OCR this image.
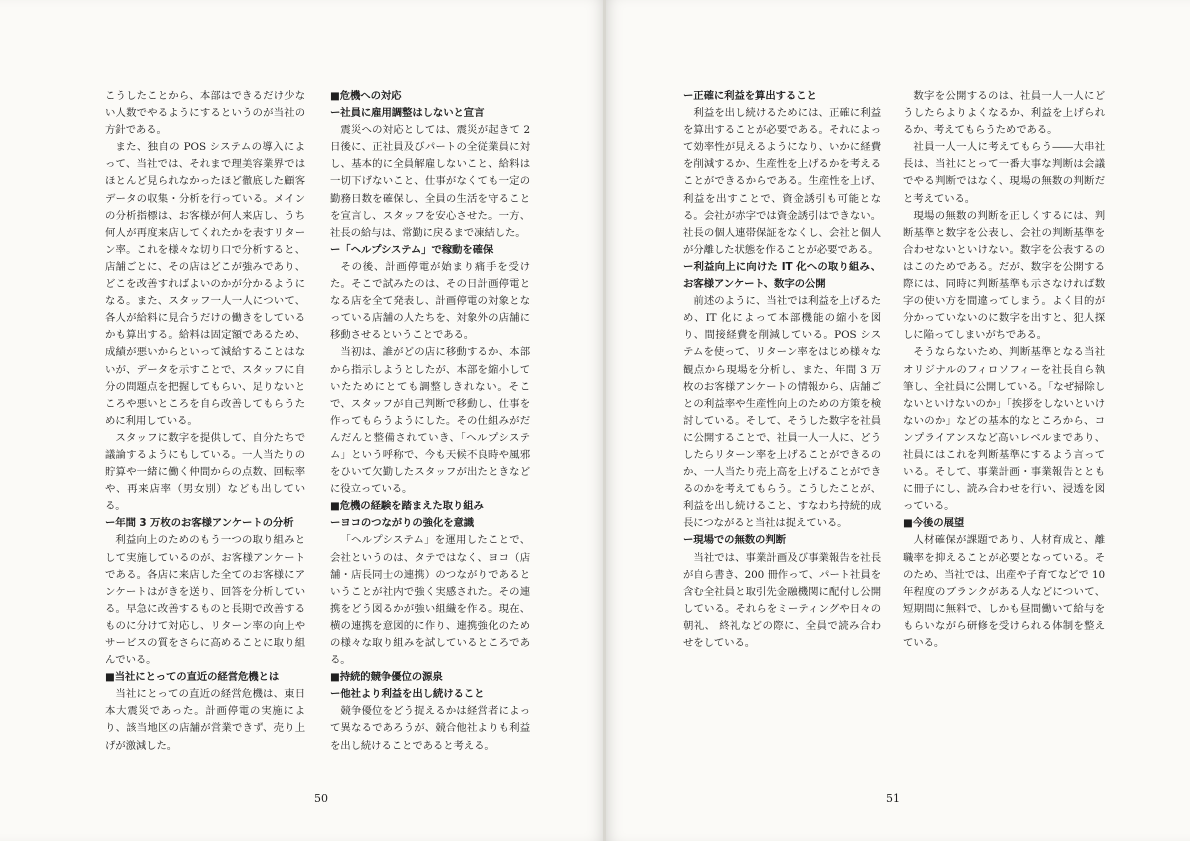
こうしたことから、本部はできるだけ少ない人数でやるようにするというのが当社の方針である。

また、独自の POS システムの導入によって、当社では、それまで理美容業界ではほとんど見られなかったほど徹底した顧客データの収集・分析を行っている。メインの分析指標は、お客様が何人来店し、うち何人が再度来店してくれたかを表すリターン率。これを様々な切り口で分析すると、店舗ごとに、その店はどこが強みであり、どこを改善すればよいのかが分かるようになる。また、スタッフ一人一人について、各人が給料に見合うだけの働きをしているかも算出する。給料は固定額であるため、成績が悪いからといって減給することはないが、データを示すことで、スタッフに自分の問題点を把握してもらい、足りないところや悪いところを自ら改善してもらうために利用している。

スタッフに数字を提供して、自分たちで議論するようにもしている。一人当たりの貯算や一緒に働く仲間からの点数、回転率や、再来店率（男女別）なども出している。

ー年間 3 万枚のお客様アンケートの分析

利益向上のためのもう一つの取り組みとして実施しているのが、お客様アンケートである。各店に来店した全てのお客様にアンケートはがきを送り、回答を分析している。早急に改善するものと長期で改善するものに分けて対応し、リターン率の向上やサービスの質をさらに高めることに取り組んでいる。

■当社にとっての直近の経営危機とは

当社にとっての直近の経営危機は、東日本大震災であった。計画停電の実施により、該当地区の店舗が営業できず、売り上げが激減した。

■危機への対応

ー社員に雇用調整はしないと宣言

震災への対応としては、震災が起きて 2 日後に、正社員及びパートの全従業員に対し、基本的に全員解雇しないこと、給料は一切下げないこと、仕事がなくても一定の勤務日数を確保し、全員の生活を守ることを宣言し、スタッフを安心させた。一方、社長の給与は、常勤に戻るまで凍結した。

ー「ヘルプシステム」で稼動を確保

その後、計画停電が始まり痛手を受けた。そこで試みたのは、その日計画停電となる店を全て発表し、計画停電の対象となっている店舗の人たちを、対象外の店舗に移動させるということである。

当初は、誰がどの店に移動するか、本部から指示しようとしたが、本部を縮小していたためにとても調整しきれない。そこで、スタッフが自己判断で移動し、仕事を作ってもらうようにした。その仕組みがだんだんと整備されていき、「ヘルプシステム」という呼称で、今も天候不良時や風邪をひいて欠勤したスタッフが出たときなどに役立っている。

■危機の経験を踏まえた取り組み

ーヨコのつながりの強化を意識

「ヘルプシステム」を運用したことで、会社というのは、タテではなく、ヨコ（店舗・店長同士の連携）のつながりであるということが社内で強く実感された。その連携をどう図るかが強い組織を作る。現在、横の連携を意図的に作り、連携強化のための様々な取り組みを試しているところである。

■持続的競争優位の源泉

ー他社より利益を出し続けること

競争優位をどう捉えるかは経営者によって異なるであろうが、競合他社よりも利益を出し続けることであると考える。

ー正確に利益を算出すること

利益を出し続けるためには、正確に利益を算出することが必要である。それによって効率性が見えるようになり、いかに経費を削減するか、生産性を上げるかを考えることができるからである。生産性を上げ、利益を出すことで、資金誘引も可能となる。会社が赤字では資金誘引はできない。社長の個人連帯保証をなくし、会社と個人が分離した状態を作ることが必要である。

ー利益向上に向けた IT 化への取り組み、お客様アンケート、数字の公開

前述のように、当社では利益を上げるため、IT 化によって本部機能の縮小を図り、間接経費を削減している。POS システムを使って、リターン率をはじめ様々な観点から現場を分析し、また、年間 3 万枚のお客様アンケートの情報から、店舗ごとの利益率や生産性向上のための方策を検討している。そして、そうした数字を社員に公開することで、社員一人一人に、どうしたらリターン率を上げることができるのか、一人当たり売上高を上げることができるのかを考えてもらう。こうしたことが、利益を出し続けること、すなわち持続的成長につながると当社は捉えている。

ー現場での無数の判断

当社では、事業計画及び事業報告を社長が自ら書き、200 冊作って、パート社員を含む全社員と取引先金融機関に配付し公開している。それらをミーティングや日々の朝礼、 終礼などの際に、全員で読み合わせをしている。

数字を公開するのは、社員一人一人にどうしたらよりよくなるか、利益を上げられるか、考えてもらうためである。

社員一人一人に考えてもらう――大串社長は、当社にとって一番大事な判断は会議でやる判断ではなく、現場の無数の判断だと考えている。

現場の無数の判断を正しくするには、判断基準と数字を公表し、会社の判断基準を合わせないといけない。数字を公表するのはこのためである。だが、数字を公開する際には、同時に判断基準も示さなければ数字の使い方を間違ってしまう。よく目的が分かっていないのに数字を出すと、犯人探しに陥ってしまいがちである。

そうならないため、判断基準となる当社オリジナルのフィロソフィーを社長自ら執筆し、全社員に公開している。「なぜ掃除しないといけないのか」「挨拶をしないといけないのか」などの基本的なところから、コンプライアンスなど高いレベルまであり、社員にはこれを判断基準にするよう言っている。そして、事業計画・事業報告とともに冊子にし、読み合わせを行い、浸透を図っている。

■今後の展望

人材確保が課題であり、人材育成と、離職率を抑えることが必要となっている。そのため、当社では、出産や子育てなどで 10 年程度のブランクがある人などについて、短期間に無料で、しかも昼間働いて給与をもらいながら研修を受けられる体制を整えている。

50	51
